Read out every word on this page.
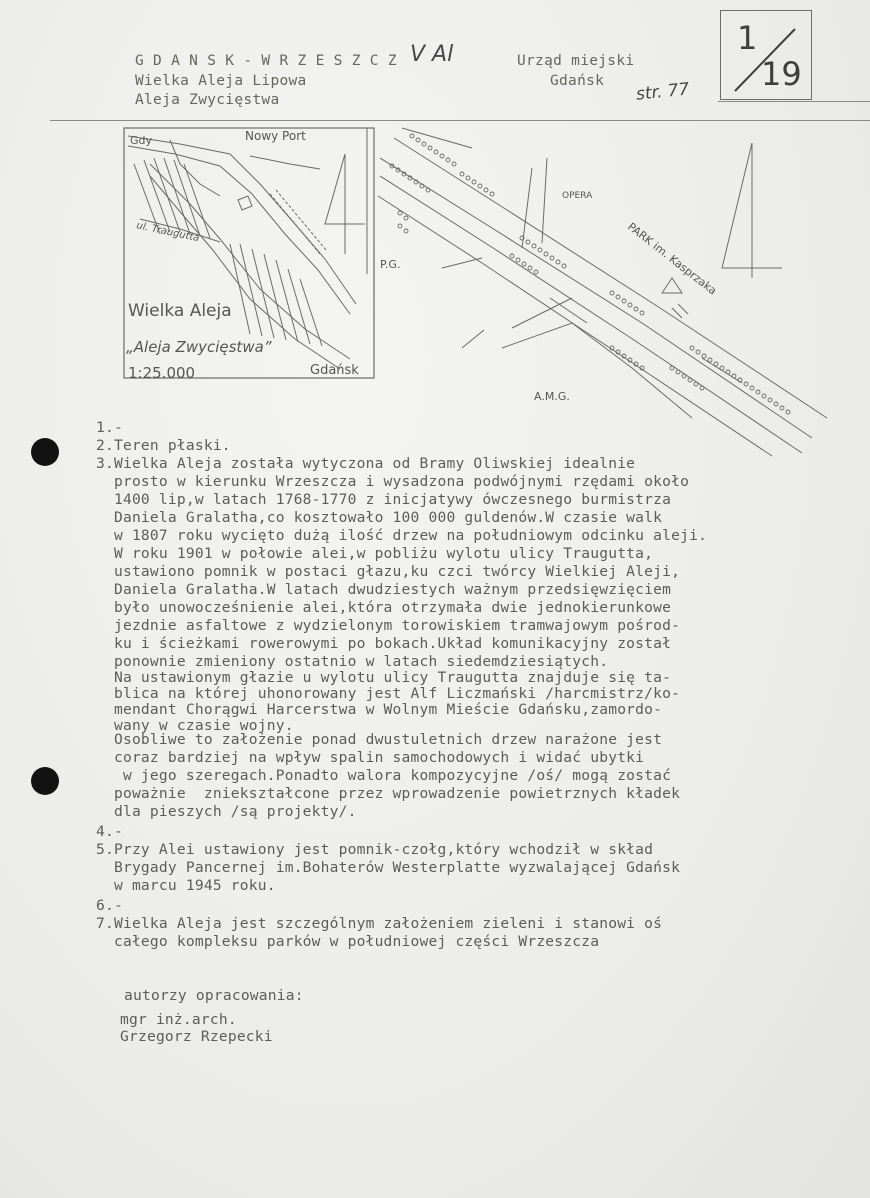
G D A N S K - W R Z E S Z C Z
Wielka Aleja Lipowa
Aleja Zwycięstwa
V Al	Urząd miejski
Gdańsk str. 77
1
19
Gdy	Nowy Port
ul. Traugutta
Wielka Aleja
„Aleja Zwycięstwa”
1:25.000	Gdańsk
OPERA
PARK im. Kasprzaka
P.G.
A.M.G.
1.-
2.Teren płaski.
3.Wielka Aleja została wytyczona od Bramy Oliwskiej idealnie
prosto w kierunku Wrzeszcza i wysadzona podwójnymi rzędami około
1400 lip,w latach 1768-1770 z inicjatywy ówczesnego burmistrza
Daniela Gralatha,co kosztowało 100 000 guldenów.W czasie walk
w 1807 roku wycięto dużą ilość drzew na południowym odcinku aleji.
W roku 1901 w połowie alei,w pobliżu wylotu ulicy Traugutta,
ustawiono pomnik w postaci głazu,ku czci twórcy Wielkiej Aleji,
Daniela Gralatha.W latach dwudziestych ważnym przedsięwzięciem
było unowocześnienie alei,która otrzymała dwie jednokierunkowe
jezdnie asfaltowe z wydzielonym torowiskiem tramwajowym pośrod-
ku i ścieżkami rowerowymi po bokach.Układ komunikacyjny został
ponownie zmieniony ostatnio w latach siedemdziesiątych.
Na ustawionym głazie u wylotu ulicy Traugutta znajduje się ta-
blica na której uhonorowany jest Alf Liczmański /harcmistrz/ko-
mendant Chorągwi Harcerstwa w Wolnym Mieście Gdańsku,zamordo-
wany w czasie wojny.
Osobliwe to założenie ponad dwustuletnich drzew narażone jest
coraz bardziej na wpływ spalin samochodowych i widać ubytki
w jego szeregach.Ponadto walora kompozycyjne /oś/ mogą zostać
poważnie  zniekształcone przez wprowadzenie powietrznych kładek
dla pieszych /są projekty/.
4.-
5.Przy Alei ustawiony jest pomnik-czołg,który wchodził w skład
Brygady Pancernej im.Bohaterów Westerplatte wyzwalającej Gdańsk
w marcu 1945 roku.
6.-
7.Wielka Aleja jest szczególnym założeniem zieleni i stanowi oś
całego kompleksu parków w południowej części Wrzeszcza
autorzy opracowania:
mgr inż.arch.
Grzegorz Rzepecki
